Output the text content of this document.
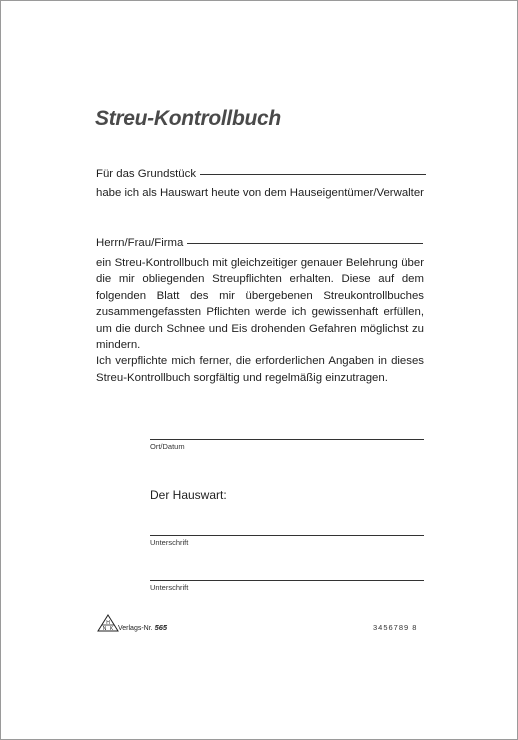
Streu-Kontrollbuch
Für das Grundstück
habe ich als Hauswart heute von dem Hauseigentümer/Verwalter
Herrn/Frau/Firma

ein Streu-Kontrollbuch mit gleichzeitiger genauer Belehrung über die mir obliegenden Streupflichten erhalten. Diese auf dem folgenden Blatt des mir übergebenen Streukontrollbuches zusammengefassten Pflichten werde ich gewissenhaft erfüllen, um die durch Schnee und Eis drohenden Gefahren möglichst zu mindern.

Ich verpflichte mich ferner, die erforderlichen Angaben in dieses Streu-Kontrollbuch sorgfältig und regelmäßig einzutragen.

Ort/Datum
Der Hauswart:
Unterschrift
Unterschrift
H
N K Verlags-Nr. 565	3456789 8
